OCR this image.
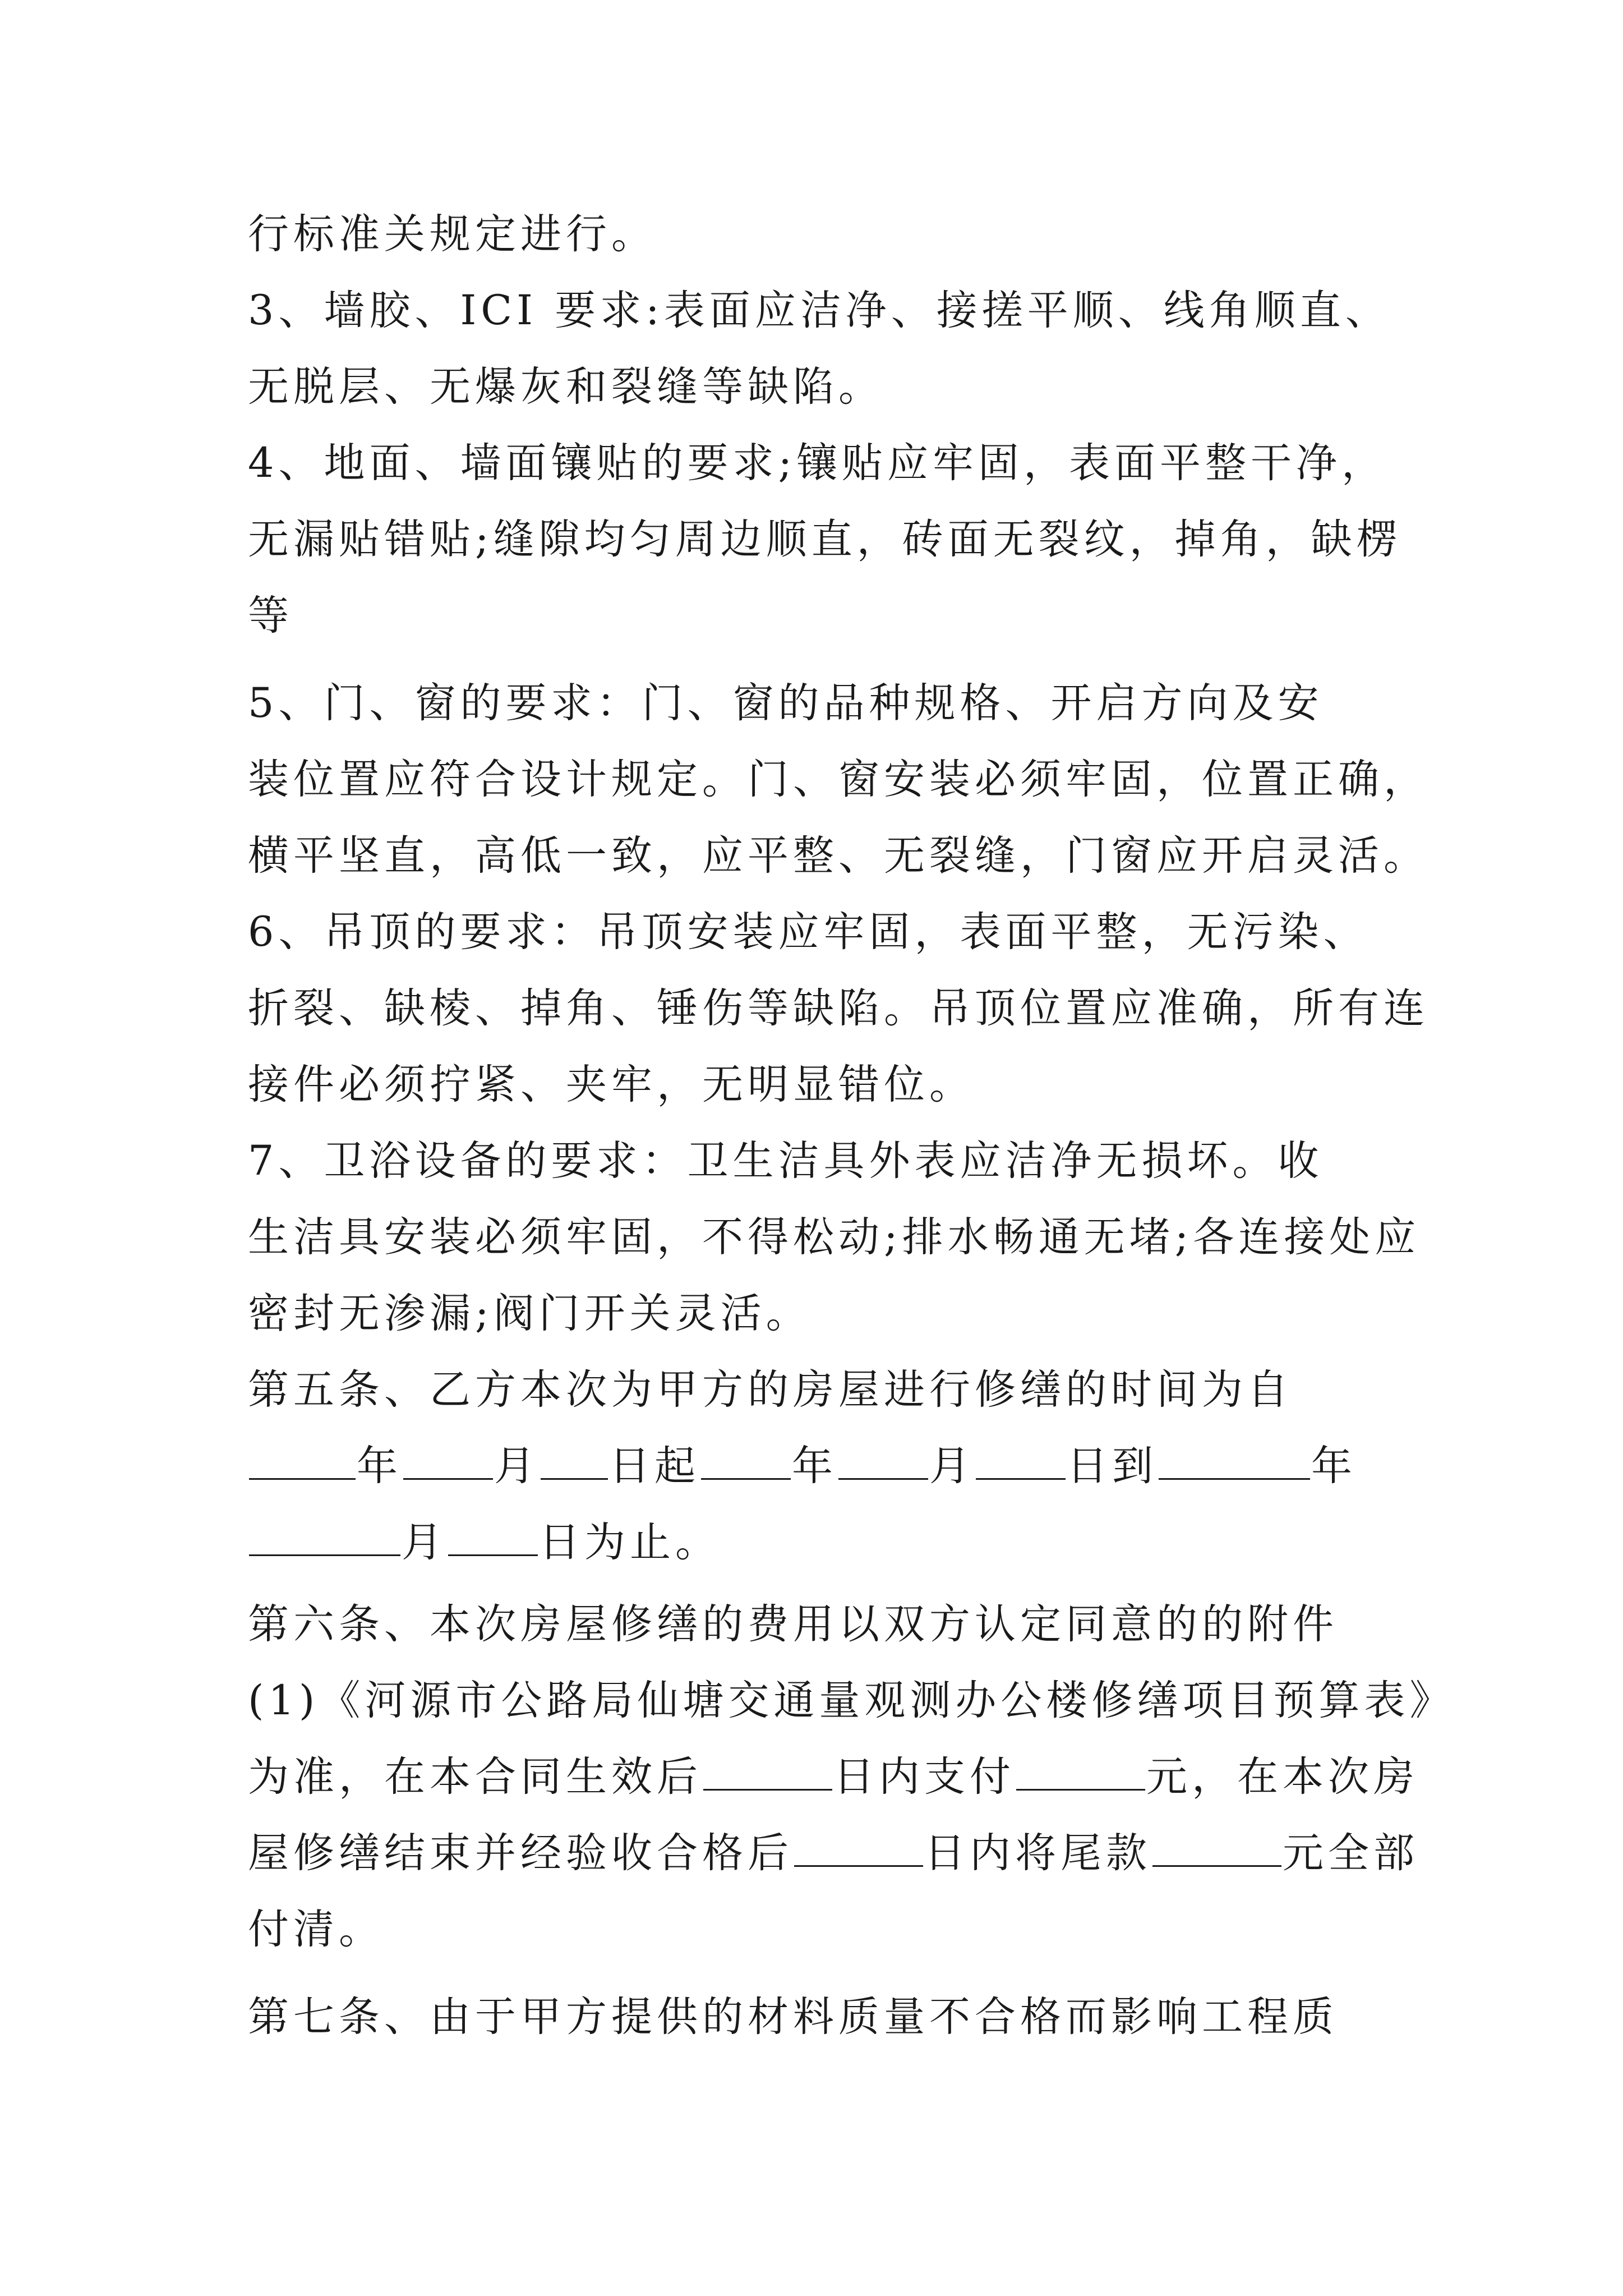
行标准关规定进行。

3、墙胶、ICI 要求:表面应洁净、接搓平顺、线角顺直、

无脱层、无爆灰和裂缝等缺陷。

4、地面、墙面镶贴的要求;镶贴应牢固，表面平整干净，

无漏贴错贴;缝隙均匀周边顺直，砖面无裂纹，掉角，缺楞

等

5、门、窗的要求：门、窗的品种规格、开启方向及安

装位置应符合设计规定。门、窗安装必须牢固，位置正确，

横平坚直，高低一致，应平整、无裂缝，门窗应开启灵活。

6、吊顶的要求：吊顶安装应牢固，表面平整，无污染、

折裂、缺棱、掉角、锤伤等缺陷。吊顶位置应准确，所有连

接件必须拧紧、夹牢，无明显错位。

7、卫浴设备的要求：卫生洁具外表应洁净无损坏。收

生洁具安装必须牢固，不得松动;排水畅通无堵;各连接处应

密封无渗漏;阀门开关灵活。

第五条、乙方本次为甲方的房屋进行修缮的时间为自

年 月 日起 年 月 日到	年

月 日为止。

第六条、本次房屋修缮的费用以双方认定同意的的附件

(1)《河源市公路局仙塘交通量观测办公楼修缮项目预算表》

为准，在本合同生效后	日内支付	元，在本次房

屋修缮结束并经验收合格后	日内将尾款	元全部

付清。

第七条、由于甲方提供的材料质量不合格而影响工程质
